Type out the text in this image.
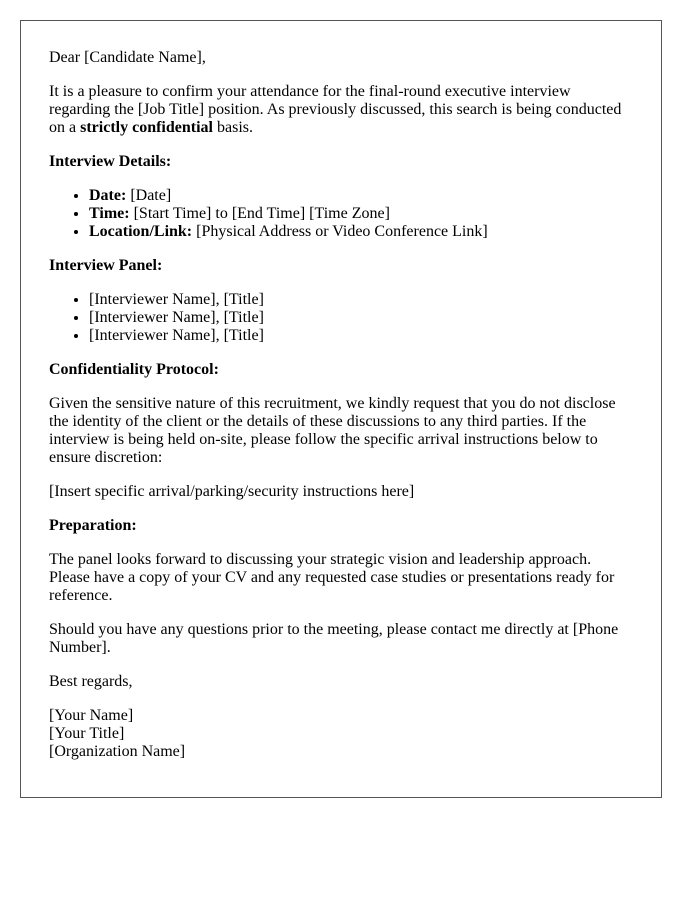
Dear [Candidate Name],

It is a pleasure to confirm your attendance for the final-round executive interview regarding the [Job Title] position. As previously discussed, this search is being conducted on a strictly confidential basis.

Interview Details:

• Date: [Date]
• Time: [Start Time] to [End Time] [Time Zone]
• Location/Link: [Physical Address or Video Conference Link]

Interview Panel:

• [Interviewer Name], [Title]
• [Interviewer Name], [Title]
• [Interviewer Name], [Title]

Confidentiality Protocol:

Given the sensitive nature of this recruitment, we kindly request that you do not disclose the identity of the client or the details of these discussions to any third parties. If the interview is being held on-site, please follow the specific arrival instructions below to ensure discretion:

[Insert specific arrival/parking/security instructions here]

Preparation:

The panel looks forward to discussing your strategic vision and leadership approach. Please have a copy of your CV and any requested case studies or presentations ready for reference.

Should you have any questions prior to the meeting, please contact me directly at [Phone Number].

Best regards,

[Your Name]
[Your Title]
[Organization Name]
